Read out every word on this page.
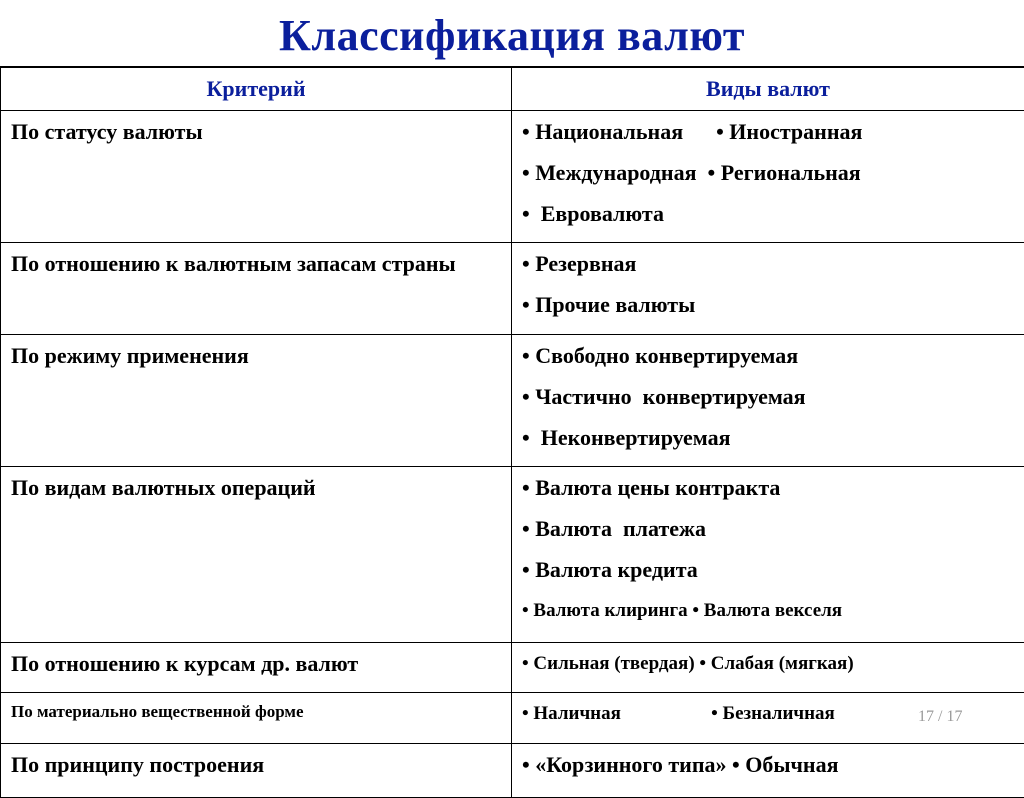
Классификация валют
Критерий	Виды валют
По статусу валюты	• Национальная      • Иностранная
• Международная  • Региональная
•  Евровалюта

По отношению к валютным запасам страны	• Резервная
• Прочие валюты

По режиму применения	• Свободно конвертируемая
• Частично  конвертируемая
•  Неконвертируемая

По видам валютных операций	• Валюта цены контракта
• Валюта  платежа
• Валюта кредита
• Валюта клиринга • Валюта векселя

По отношению к курсам др. валют	• Сильная (твердая) • Слабая (мягкая)

По материально вещественной форме	• Наличная                   • Безналичная

По принципу построения	• «Корзинного типа» • Обычная
17 / 17
